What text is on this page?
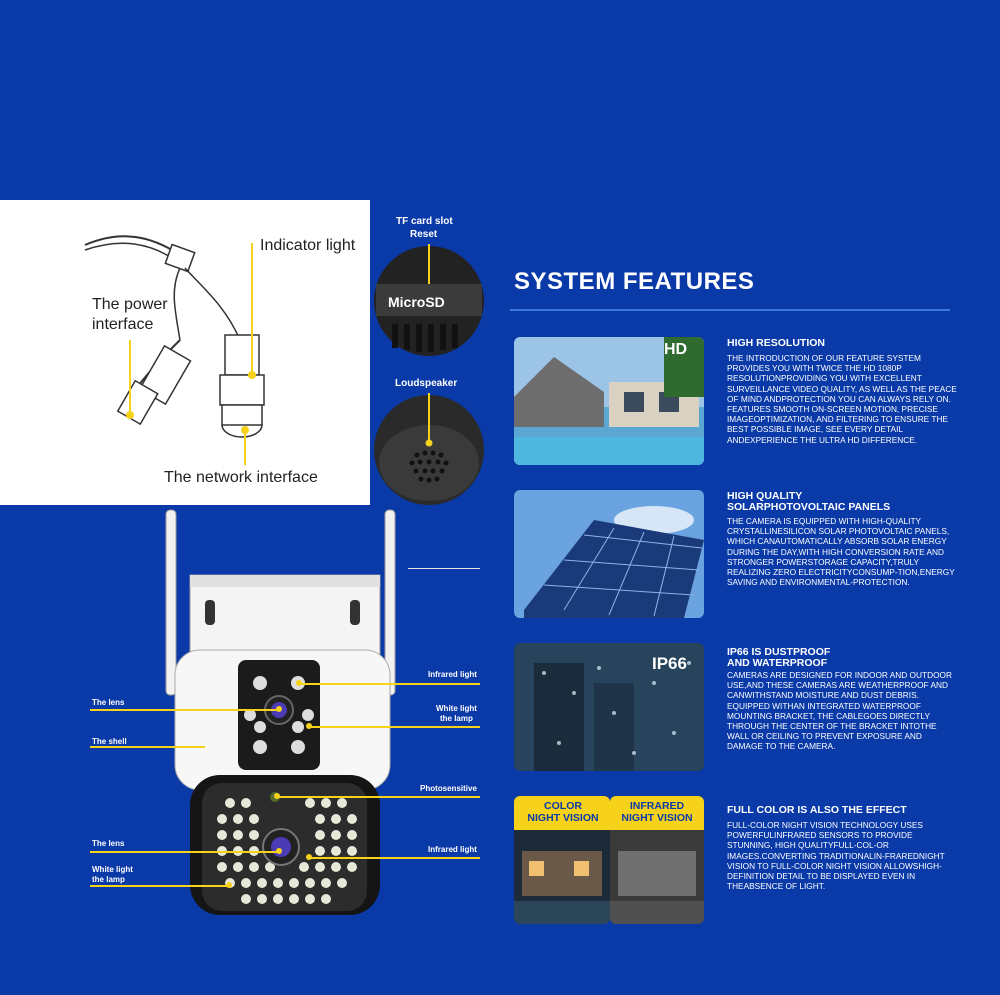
Indicator light
The power
interface
The network interface
TF card slot
Reset
MicroSD
Loudspeaker
Infrared light
White light
the lamp
The lens
The shell
Photosensitive
The lens
Infrared light
White light
the lamp
SYSTEM FEATURES
HD	HIGH RESOLUTION
THE INTRODUCTION OF OUR FEATURE SYSTEM PROVIDES YOU WITH TWICE THE HD 1080P RESOLUTIONPROVIDING YOU WITH EXCELLENT SURVEILLANCE VIDEO QUALITY, AS WELL AS THE PEACE OF MIND ANDPROTECTION YOU CAN ALWAYS RELY ON. FEATURES SMOOTH ON-SCREEN MOTION, PRECISE IMAGEOPTIMIZATION, AND FILTERING TO ENSURE THE BEST POSSIBLE IMAGE, SEE EVERY DETAIL ANDEXPERIENCE THE ULTRA HD DIFFERENCE.
HIGH QUALITY
SOLARPHOTOVOLTAIC PANELS
THE CAMERA IS EQUIPPED WITH HIGH-QUALITY CRYSTALLINESILICON SOLAR PHOTOVOLTAIC PANELS, WHICH CANAUTOMATICALLY ABSORB SOLAR ENERGY DURING THE DAY,WITH HIGH CONVERSION RATE AND STRONGER POWERSTORAGE CAPACITY,TRULY REALIZING ZERO ELECTRICITYCONSUMP-TION,ENERGY SAVING AND ENVIRONMENTAL-PROTECTION.
IP66
IP66 IS DUSTPROOF
AND WATERPROOF
CAMERAS ARE DESIGNED FOR INDOOR AND OUTDOOR USE,AND THESE CAMERAS ARE WEATHERPROOF AND CANWITHSTAND MOISTURE AND DUST DEBRIS. EQUIPPED WITHAN INTEGRATED WATERPROOF MOUNTING BRACKET, THE CABLEGOES DIRECTLY THROUGH THE CENTER OF THE BRACKET INTOTHE WALL OR CEILING TO PREVENT EXPOSURE AND DAMAGE TO THE CAMERA.
COLOR
NIGHT VISION
INFRARED
NIGHT VISION
FULL COLOR IS ALSO THE EFFECT
FULL-COLOR NIGHT VISION TECHNOLOGY USES POWERFULINFRARED SENSORS TO PROVIDE STUNNING, HIGH QUALITYFULL-COL-OR IMAGES.CONVERTING TRADITIONALIN-FRAREDNIGHT VISION TO FULL-COLOR NIGHT VISION ALLOWSHIGH-DEFINITION DETAIL TO BE DISPLAYED EVEN IN THEABSENCE OF LIGHT.
